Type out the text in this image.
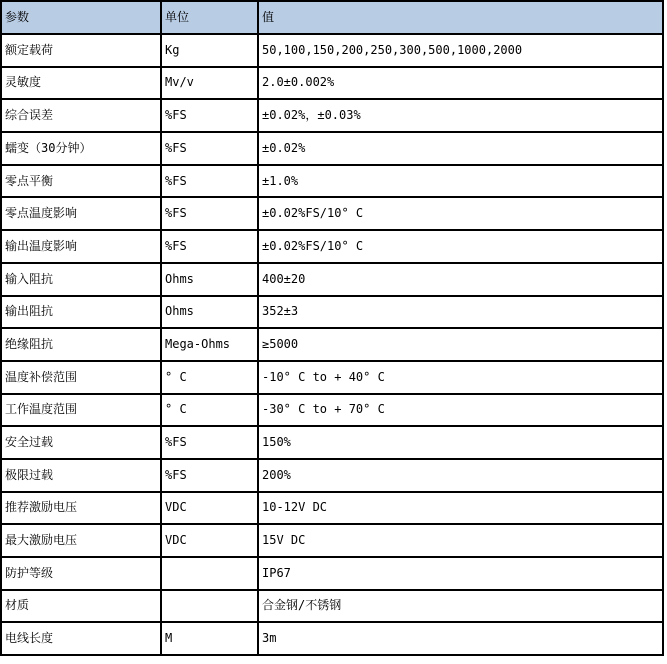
参数	单位	值
额定载荷	Kg	50,100,150,200,250,300,500,1000,2000
灵敏度	Mv/v	2.0±0.002%
综合误差	%FS	±0.02%，±0.03%
蠕变（30分钟）	%FS	±0.02%
零点平衡	%FS	±1.0%
零点温度影响	%FS	±0.02%FS/10° C
输出温度影响	%FS	±0.02%FS/10° C
输入阻抗	Ohms	400±20
输出阻抗	Ohms	352±3
绝缘阻抗	Mega-Ohms	≥5000
温度补偿范围	° C	-10° C to + 40° C
工作温度范围	° C	-30° C to + 70° C
安全过载	%FS	150%
极限过载	%FS	200%
推荐激励电压	VDC	10-12V DC
最大激励电压	VDC	15V DC
防护等级		IP67
材质		合金钢/不锈钢
电线长度	M	3m
